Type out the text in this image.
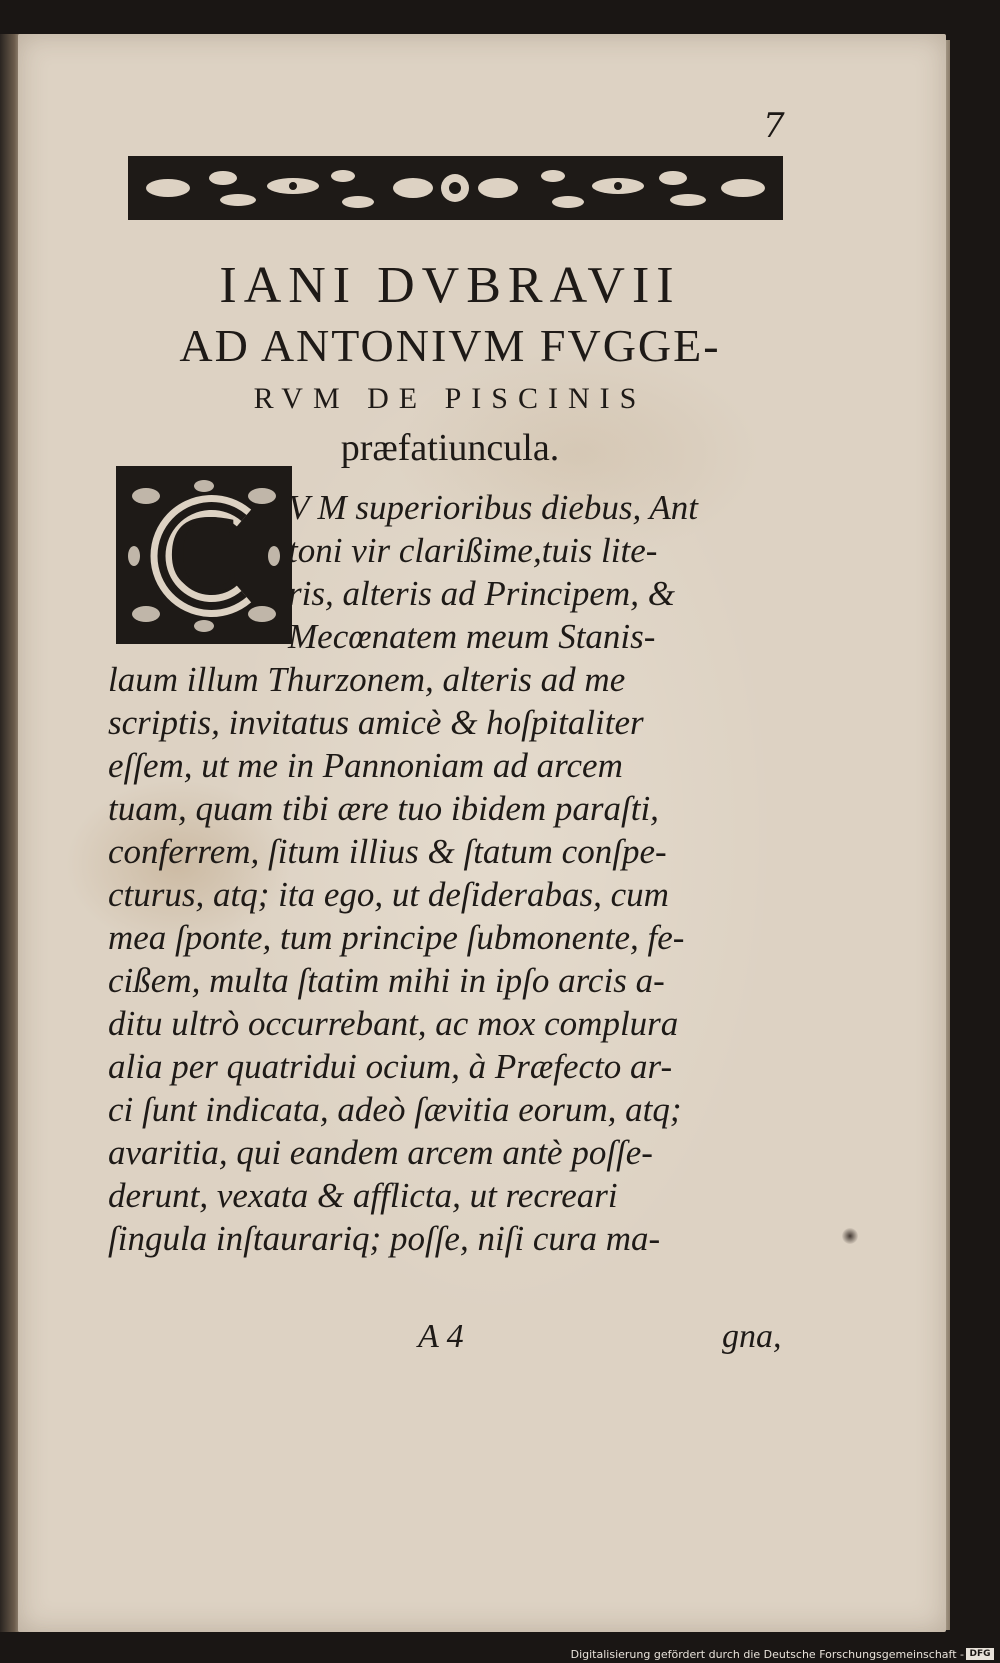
7
IANI DVBRAVII
AD ANTONIVM FVGGE-
RVM DE PISCINIS
præfatiuncula.
C V M superioribus diebus, Ant
toni vir clarißime,tuis lite-
ris, alteris ad Principem, &
Mecœnatem meum Stanis-
laum illum Thurzonem, alteris ad me
scriptis, invitatus amicè & hoſpitaliter
eſſem, ut me in Pannoniam ad arcem
tuam, quam tibi ære tuo ibidem paraſti,
conferrem, ſitum illius & ſtatum conſpe-
cturus, atq; ita ego, ut deſiderabas, cum
mea ſponte, tum principe ſubmonente, fe-
cißem, multa ſtatim mihi in ipſo arcis a-
ditu ultrò occurrebant, ac mox complura
alia per quatridui ocium, à Præfecto ar-
ci ſunt indicata, adeò ſævitia eorum, atq;
avaritia, qui eandem arcem antè poſſe-
derunt, vexata & afflicta, ut recreari
ſingula inſtaurariq; poſſe, niſi cura ma-
A 4	gna,
Digitalisierung gefördert durch die Deutsche Forschungsgemeinschaft - DFG
